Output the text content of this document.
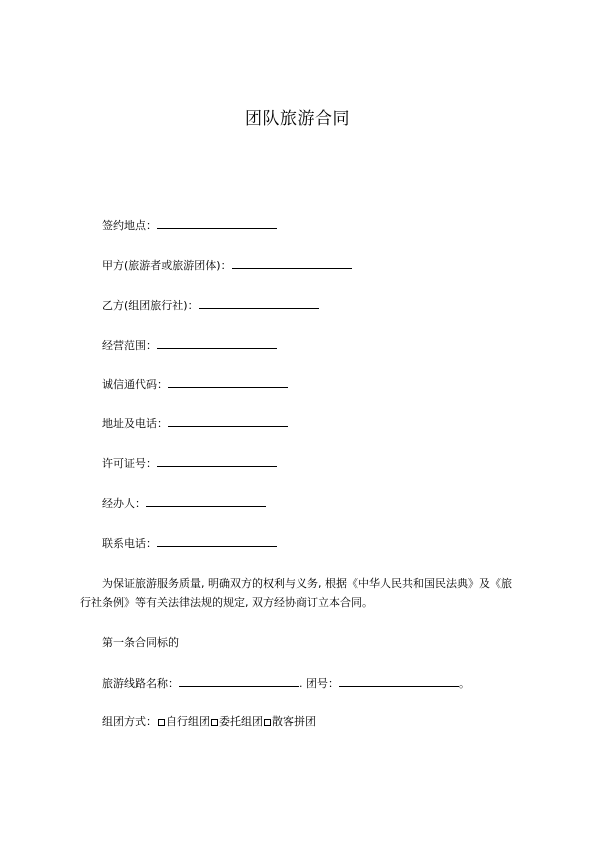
团队旅游合同
签约地点：
甲方(旅游者或旅游团体)：
乙方(组团旅行社)：
经营范围：
诚信通代码：
地址及电话：
许可证号：
经办人：
联系电话：

为保证旅游服务质量, 明确双方的权利与义务, 根据《中华人民共和国民法典》及《旅行社条例》等有关法律法规的规定, 双方经协商订立本合同。

第一条合同标的
旅游线路名称：	. 团号：	。
组团方式： 自行组团 委托组团 散客拼团
